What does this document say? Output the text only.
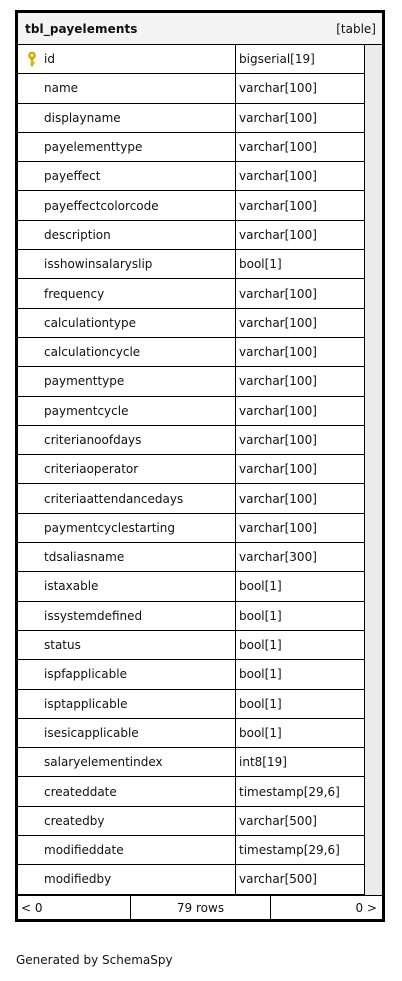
tbl_payelements	[table]
id	bigserial[19]
name	varchar[100]
displayname	varchar[100]
payelementtype	varchar[100]
payeffect	varchar[100]
payeffectcolorcode	varchar[100]
description	varchar[100]
isshowinsalaryslip	bool[1]
frequency	varchar[100]
calculationtype	varchar[100]
calculationcycle	varchar[100]
paymenttype	varchar[100]
paymentcycle	varchar[100]
criterianoofdays	varchar[100]
criteriaoperator	varchar[100]
criteriaattendancedays	varchar[100]
paymentcyclestarting	varchar[100]
tdsaliasname	varchar[300]
istaxable	bool[1]
issystemdefined	bool[1]
status	bool[1]
ispfapplicable	bool[1]
isptapplicable	bool[1]
isesicapplicable	bool[1]
salaryelementindex	int8[19]
createddate	timestamp[29,6]
createdby	varchar[500]
modifieddate	timestamp[29,6]
modifiedby	varchar[500]
< 0	79 rows	0 >
Generated by SchemaSpy
